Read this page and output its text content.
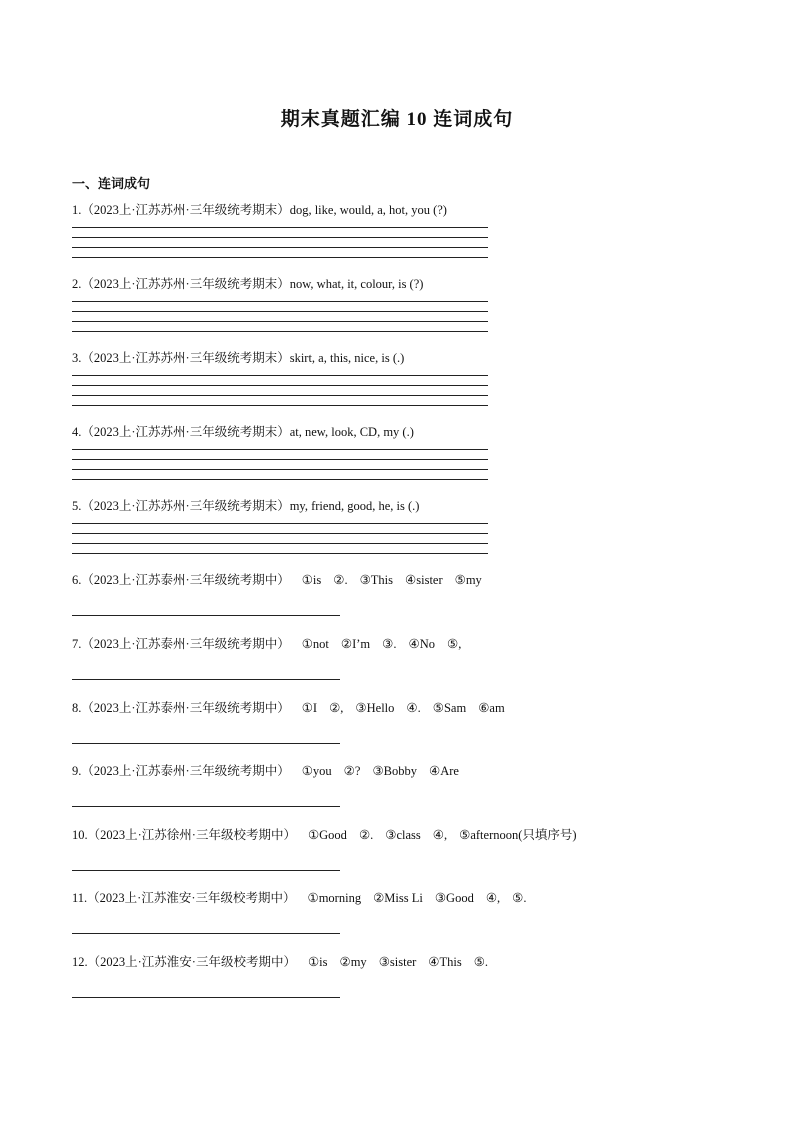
期末真题汇编 10 连词成句
一、连词成句
1.（2023上·江苏苏州·三年级统考期末）dog, like, would, a, hot, you (?)
2.（2023上·江苏苏州·三年级统考期末）now, what, it, colour, is (?)
3.（2023上·江苏苏州·三年级统考期末）skirt, a, this, nice, is (.)
4.（2023上·江苏苏州·三年级统考期末）at, new, look, CD, my (.)
5.（2023上·江苏苏州·三年级统考期末）my, friend, good, he, is (.)
6.（2023上·江苏泰州·三年级统考期中） ①is ②. ③This ④sister ⑤my
7.（2023上·江苏泰州·三年级统考期中） ①not ②I’m ③. ④No ⑤,
8.（2023上·江苏泰州·三年级统考期中） ①I ②, ③Hello ④. ⑤Sam ⑥am
9.（2023上·江苏泰州·三年级统考期中） ①you ②? ③Bobby ④Are
10.（2023上·江苏徐州·三年级校考期中） ①Good ②. ③class ④, ⑤afternoon(只填序号)
11.（2023上·江苏淮安·三年级校考期中） ①morning ②Miss Li ③Good ④, ⑤.
12.（2023上·江苏淮安·三年级校考期中） ①is ②my ③sister ④This ⑤.
